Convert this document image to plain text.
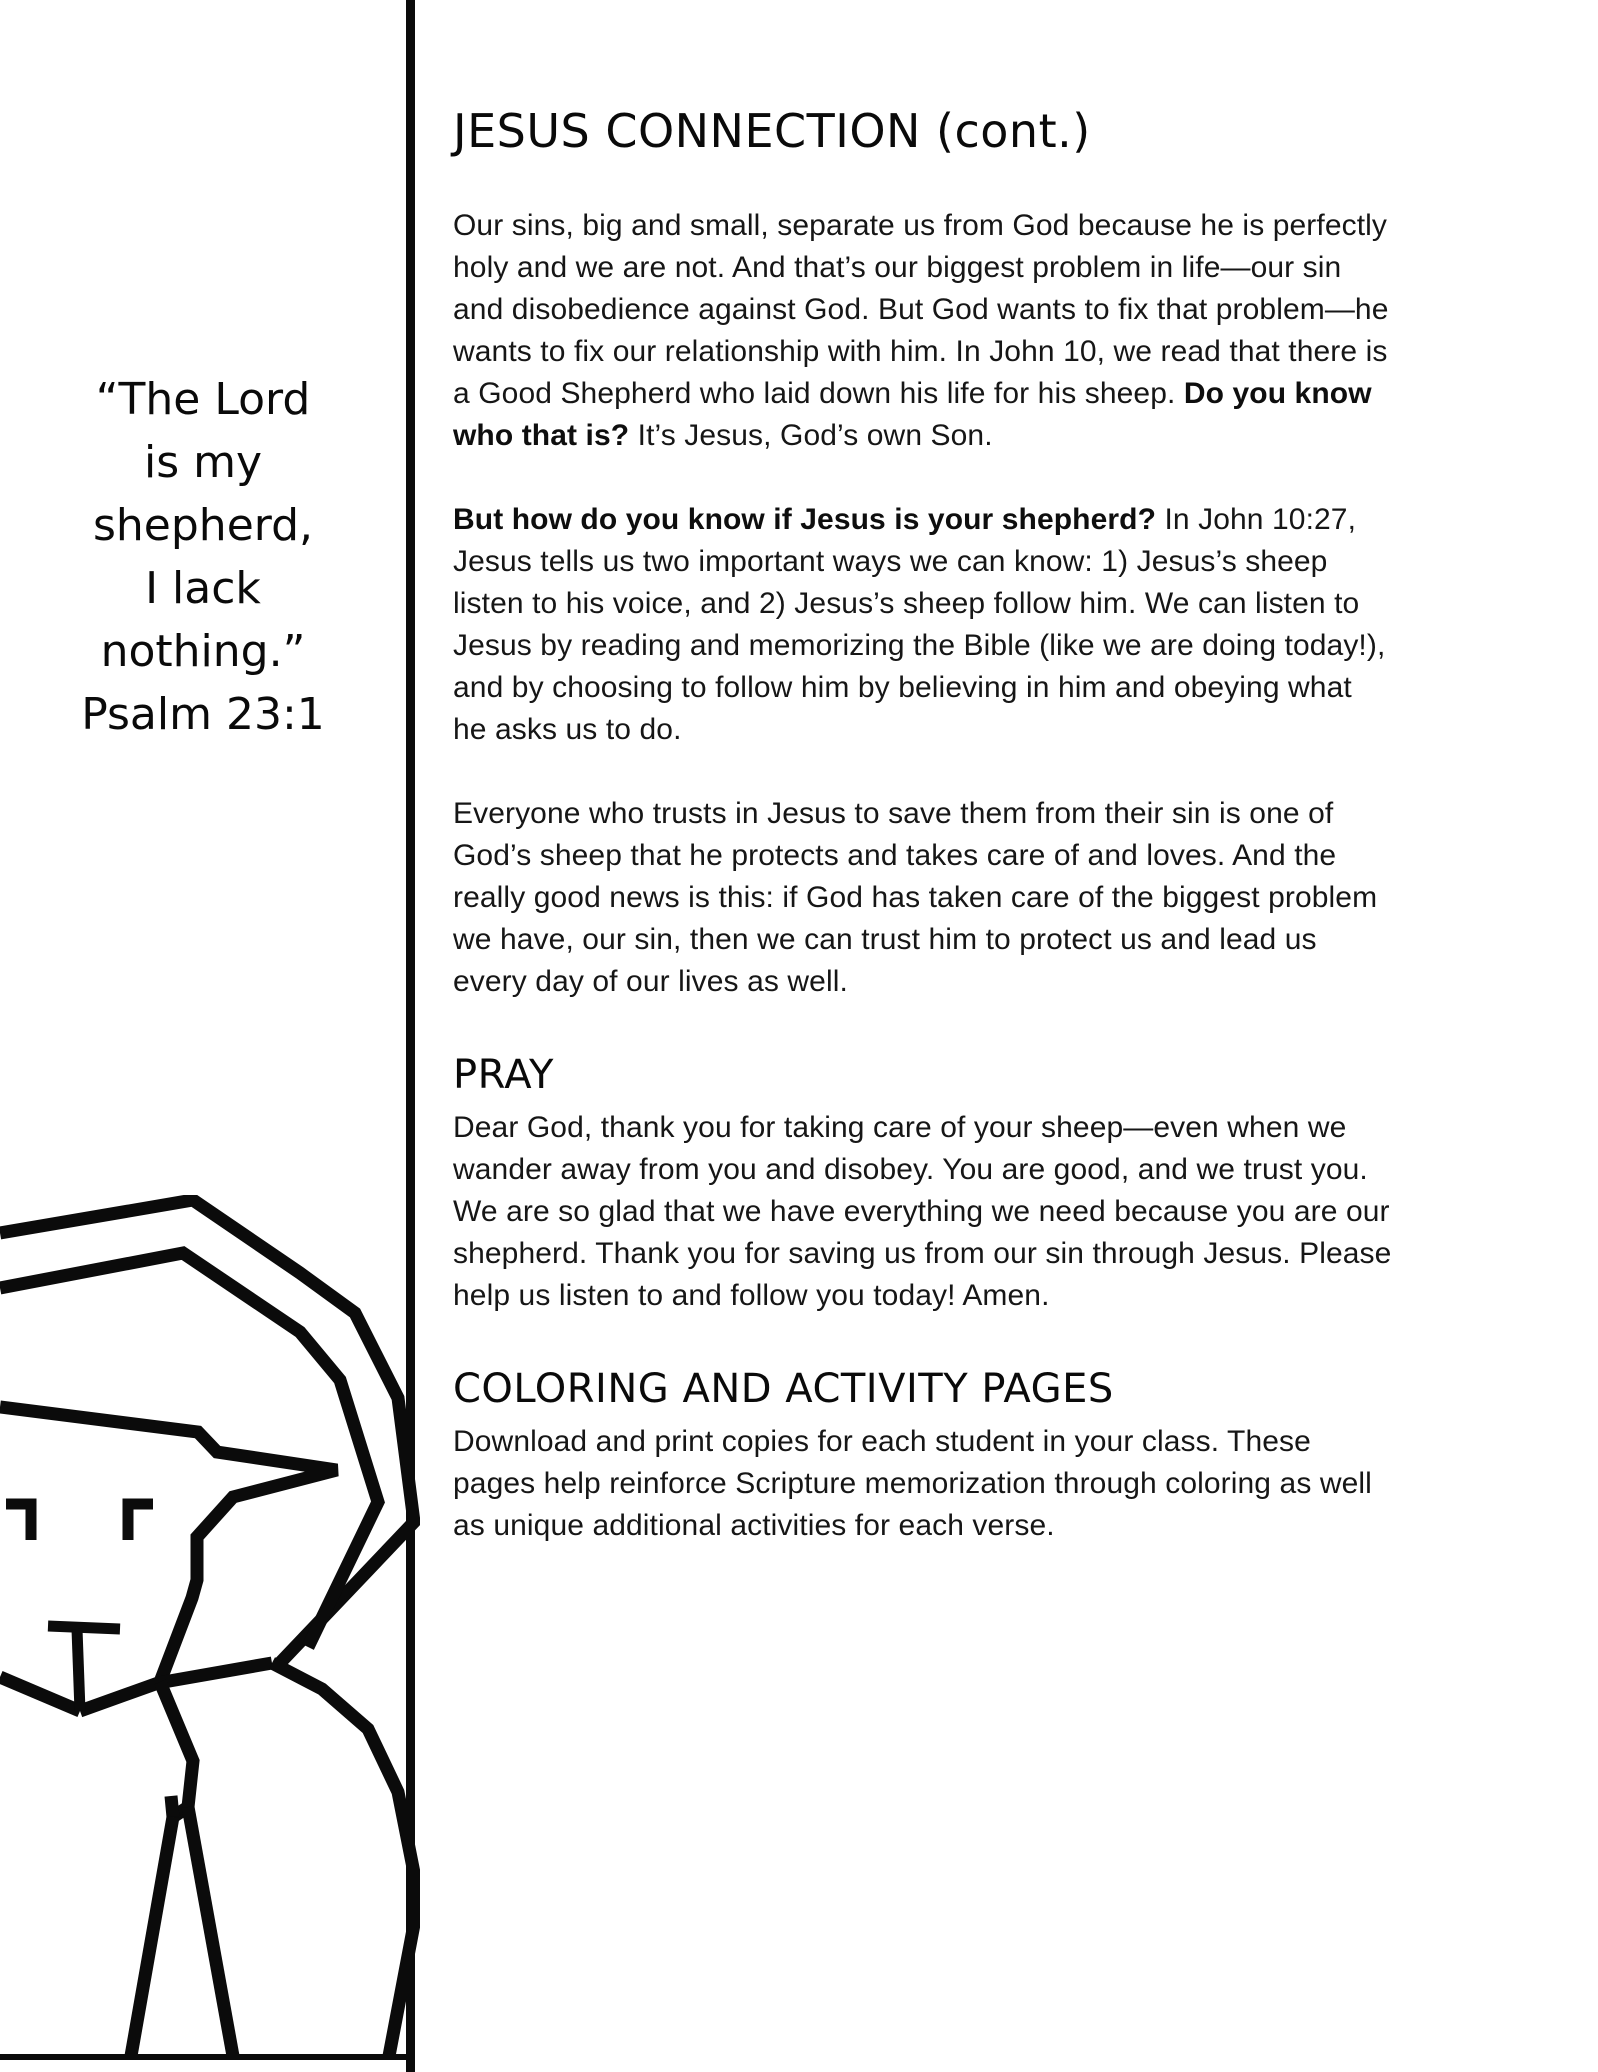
“The Lord
is my
shepherd,
I lack
nothing.”
Psalm 23:1
JESUS CONNECTION (cont.)

Our sins, big and small, separate us from God because he is perfectly holy and we are not. And that’s our biggest problem in life—our sin and disobedience against God. But God wants to fix that problem—he wants to fix our relationship with him. In John 10, we read that there is a Good Shepherd who laid down his life for his sheep. Do you know who that is? It’s Jesus, God’s own Son.

But how do you know if Jesus is your shepherd? In John 10:27, Jesus tells us two important ways we can know: 1) Jesus’s sheep listen to his voice, and 2) Jesus’s sheep follow him. We can listen to Jesus by reading and memorizing the Bible (like we are doing today!), and by choosing to follow him by believing in him and obeying what he asks us to do.

Everyone who trusts in Jesus to save them from their sin is one of God’s sheep that he protects and takes care of and loves. And the really good news is this: if God has taken care of the biggest problem we have, our sin, then we can trust him to protect us and lead us every day of our lives as well.

PRAY

Dear God, thank you for taking care of your sheep—even when we wander away from you and disobey. You are good, and we trust you. We are so glad that we have everything we need because you are our shepherd. Thank you for saving us from our sin through Jesus. Please help us listen to and follow you today! Amen.

COLORING AND ACTIVITY PAGES

Download and print copies for each student in your class. These pages help reinforce Scripture memorization through coloring as well as unique additional activities for each verse.
